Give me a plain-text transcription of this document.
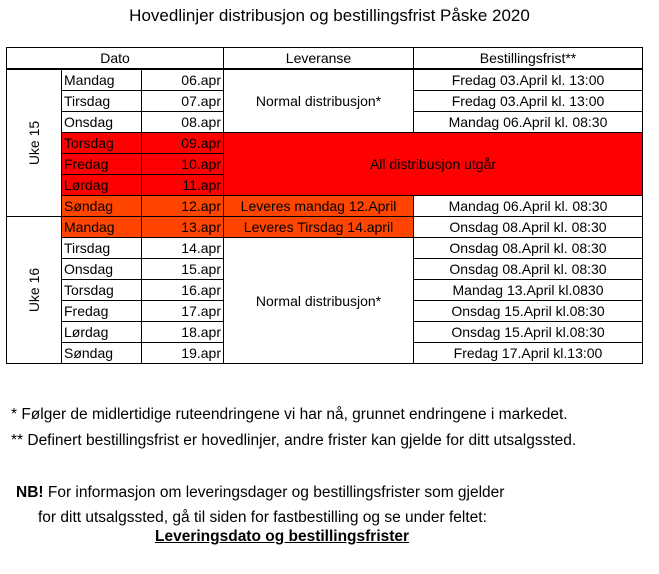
Hovedlinjer distribusjon og bestillingsfrist Påske 2020
Dato			Leveranse	Bestillingsfrist**

Uke 15	Mandag	06.apr	Normal distribusjon*	Fredag 03.April kl. 13:00
	Tirsdag	07.apr		Fredag 03.April kl. 13:00
	Onsdag	08.apr		Mandag 06.April kl. 08:30
	Torsdag	09.apr	All distribusjon utgår	
	Fredag	10.apr		
	Lørdag	11.apr		
	Søndag	12.apr	Leveres mandag 12.April	Mandag 06.April kl. 08:30

Uke 16	Mandag	13.apr	Leveres Tirsdag 14.april	Onsdag 08.April kl. 08:30
	Tirsdag	14.apr	Normal distribusjon*	Onsdag 08.April kl. 08:30
	Onsdag	15.apr		Onsdag 08.April kl. 08:30
	Torsdag	16.apr		Mandag 13.April kl.0830
	Fredag	17.apr		Onsdag 15.April kl.08:30
	Lørdag	18.apr		Onsdag 15.April kl.08:30
	Søndag	19.apr		Fredag 17.April kl.13:00
* Følger de midlertidige ruteendringene vi har nå, grunnet endringene i markedet.
** Definert bestillingsfrist er hovedlinjer, andre frister kan gjelde for ditt utsalgssted.
NB! For informasjon om leveringsdager og bestillingsfrister som gjelder
for ditt utsalgssted, gå til siden for fastbestilling og se under feltet:
Leveringsdato og bestillingsfrister
